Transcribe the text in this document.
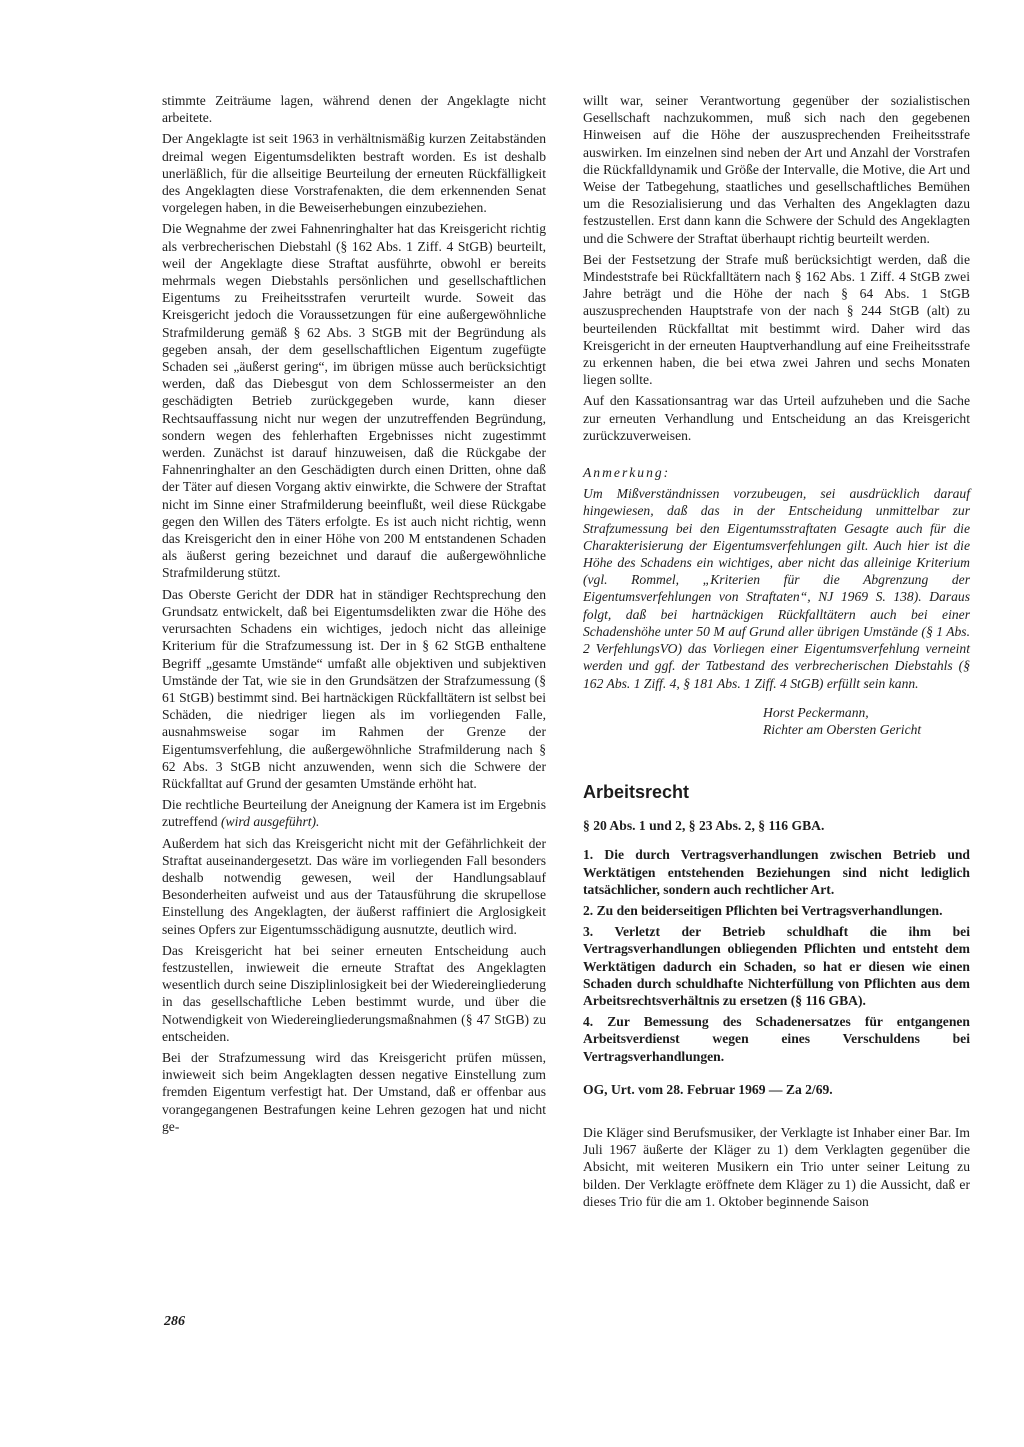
stimmte Zeiträume lagen, während denen der Angeklagte nicht arbeitete.

Der Angeklagte ist seit 1963 in verhältnismäßig kurzen Zeitabständen dreimal wegen Eigentumsdelikten bestraft worden. Es ist deshalb unerläßlich, für die allseitige Beurteilung der erneuten Rückfälligkeit des Angeklagten diese Vorstrafenakten, die dem erkennenden Senat vorgelegen haben, in die Beweiserhebungen einzubeziehen.

Die Wegnahme der zwei Fahnenringhalter hat das Kreisgericht richtig als verbrecherischen Diebstahl (§ 162 Abs. 1 Ziff. 4 StGB) beurteilt, weil der Angeklagte diese Straftat ausführte, obwohl er bereits mehrmals wegen Diebstahls persönlichen und gesellschaftlichen Eigentums zu Freiheitsstrafen verurteilt wurde. Soweit das Kreisgericht jedoch die Voraussetzungen für eine außergewöhnliche Strafmilderung gemäß § 62 Abs. 3 StGB mit der Begründung als gegeben ansah, der dem gesellschaftlichen Eigentum zugefügte Schaden sei „äußerst gering“, im übrigen müsse auch berücksichtigt werden, daß das Diebesgut von dem Schlossermeister an den geschädigten Betrieb zurückgegeben wurde, kann dieser Rechtsauffassung nicht nur wegen der unzutreffenden Begründung, sondern wegen des fehlerhaften Ergebnisses nicht zugestimmt werden. Zunächst ist darauf hinzuweisen, daß die Rückgabe der Fahnenringhalter an den Geschädigten durch einen Dritten, ohne daß der Täter auf diesen Vorgang aktiv einwirkte, die Schwere der Straftat nicht im Sinne einer Strafmilderung beeinflußt, weil diese Rückgabe gegen den Willen des Täters erfolgte. Es ist auch nicht richtig, wenn das Kreisgericht den in einer Höhe von 200 M entstandenen Schaden als äußerst gering bezeichnet und darauf die außergewöhnliche Strafmilderung stützt.

Das Oberste Gericht der DDR hat in ständiger Rechtsprechung den Grundsatz entwickelt, daß bei Eigentumsdelikten zwar die Höhe des verursachten Schadens ein wichtiges, jedoch nicht das alleinige Kriterium für die Strafzumessung ist. Der in § 62 StGB enthaltene Begriff „gesamte Umstände“ umfaßt alle objektiven und subjektiven Umstände der Tat, wie sie in den Grundsätzen der Strafzumessung (§ 61 StGB) bestimmt sind. Bei hartnäckigen Rückfalltätern ist selbst bei Schäden, die niedriger liegen als im vorliegenden Falle, ausnahmsweise sogar im Rahmen der Grenze der Eigentumsverfehlung, die außergewöhnliche Strafmilderung nach § 62 Abs. 3 StGB nicht anzuwenden, wenn sich die Schwere der Rückfalltat auf Grund der gesamten Umstände erhöht hat.

Die rechtliche Beurteilung der Aneignung der Kamera ist im Ergebnis zutreffend (wird ausgeführt).

Außerdem hat sich das Kreisgericht nicht mit der Gefährlichkeit der Straftat auseinandergesetzt. Das wäre im vorliegenden Fall besonders deshalb notwendig gewesen, weil der Handlungsablauf Besonderheiten aufweist und aus der Tatausführung die skrupellose Einstellung des Angeklagten, der äußerst raffiniert die Arglosigkeit seines Opfers zur Eigentumsschädigung ausnutzte, deutlich wird.

Das Kreisgericht hat bei seiner erneuten Entscheidung auch festzustellen, inwieweit die erneute Straftat des Angeklagten wesentlich durch seine Disziplinlosigkeit bei der Wiedereingliederung in das gesellschaftliche Leben bestimmt wurde, und über die Notwendigkeit von Wiedereingliederungsmaßnahmen (§ 47 StGB) zu entscheiden.

Bei der Strafzumessung wird das Kreisgericht prüfen müssen, inwieweit sich beim Angeklagten dessen negative Einstellung zum fremden Eigentum verfestigt hat. Der Umstand, daß er offenbar aus vorangegangenen Bestrafungen keine Lehren gezogen hat und nicht ge-

willt war, seiner Verantwortung gegenüber der sozialistischen Gesellschaft nachzukommen, muß sich nach den gegebenen Hinweisen auf die Höhe der auszusprechenden Freiheitsstrafe auswirken. Im einzelnen sind neben der Art und Anzahl der Vorstrafen die Rückfalldynamik und Größe der Intervalle, die Motive, die Art und Weise der Tatbegehung, staatliches und gesellschaftliches Bemühen um die Resozialisierung und das Verhalten des Angeklagten dazu festzustellen. Erst dann kann die Schwere der Schuld des Angeklagten und die Schwere der Straftat überhaupt richtig beurteilt werden.

Bei der Festsetzung der Strafe muß berücksichtigt werden, daß die Mindeststrafe bei Rückfalltätern nach § 162 Abs. 1 Ziff. 4 StGB zwei Jahre beträgt und die Höhe der nach § 64 Abs. 1 StGB auszusprechenden Hauptstrafe von der nach § 244 StGB (alt) zu beurteilenden Rückfalltat mit bestimmt wird. Daher wird das Kreisgericht in der erneuten Hauptverhandlung auf eine Freiheitsstrafe zu erkennen haben, die bei etwa zwei Jahren und sechs Monaten liegen sollte.

Auf den Kassationsantrag war das Urteil aufzuheben und die Sache zur erneuten Verhandlung und Entscheidung an das Kreisgericht zurückzuverweisen.

Anmerkung:

Um Mißverständnissen vorzubeugen, sei ausdrücklich darauf hingewiesen, daß das in der Entscheidung unmittelbar zur Strafzumessung bei den Eigentumsstraftaten Gesagte auch für die Charakterisierung der Eigentumsverfehlungen gilt. Auch hier ist die Höhe des Schadens ein wichtiges, aber nicht das alleinige Kriterium (vgl. Rommel, „Kriterien für die Abgrenzung der Eigentumsverfehlungen von Straftaten“, NJ 1969 S. 138). Daraus folgt, daß bei hartnäckigen Rückfalltätern auch bei einer Schadenshöhe unter 50 M auf Grund aller übrigen Umstände (§ 1 Abs. 2 VerfehlungsVO) das Vorliegen einer Eigentumsverfehlung verneint werden und ggf. der Tatbestand des verbrecherischen Diebstahls (§ 162 Abs. 1 Ziff. 4, § 181 Abs. 1 Ziff. 4 StGB) erfüllt sein kann.

Horst Peckermann,
Richter am Obersten Gericht

Arbeitsrecht

§ 20 Abs. 1 und 2, § 23 Abs. 2, § 116 GBA.

1. Die durch Vertragsverhandlungen zwischen Betrieb und Werktätigen entstehenden Beziehungen sind nicht lediglich tatsächlicher, sondern auch rechtlicher Art.

2. Zu den beiderseitigen Pflichten bei Vertragsverhandlungen.

3. Verletzt der Betrieb schuldhaft die ihm bei Vertragsverhandlungen obliegenden Pflichten und entsteht dem Werktätigen dadurch ein Schaden, so hat er diesen wie einen Schaden durch schuldhafte Nichterfüllung von Pflichten aus dem Arbeitsrechtsverhältnis zu ersetzen (§ 116 GBA).

4. Zur Bemessung des Schadenersatzes für entgangenen Arbeitsverdienst wegen eines Verschuldens bei Vertragsverhandlungen.

OG, Urt. vom 28. Februar 1969 — Za 2/69.

Die Kläger sind Berufsmusiker, der Verklagte ist Inhaber einer Bar. Im Juli 1967 äußerte der Kläger zu 1) dem Verklagten gegenüber die Absicht, mit weiteren Musikern ein Trio unter seiner Leitung zu bilden. Der Verklagte eröffnete dem Kläger zu 1) die Aussicht, daß er dieses Trio für die am 1. Oktober beginnende Saison

286
